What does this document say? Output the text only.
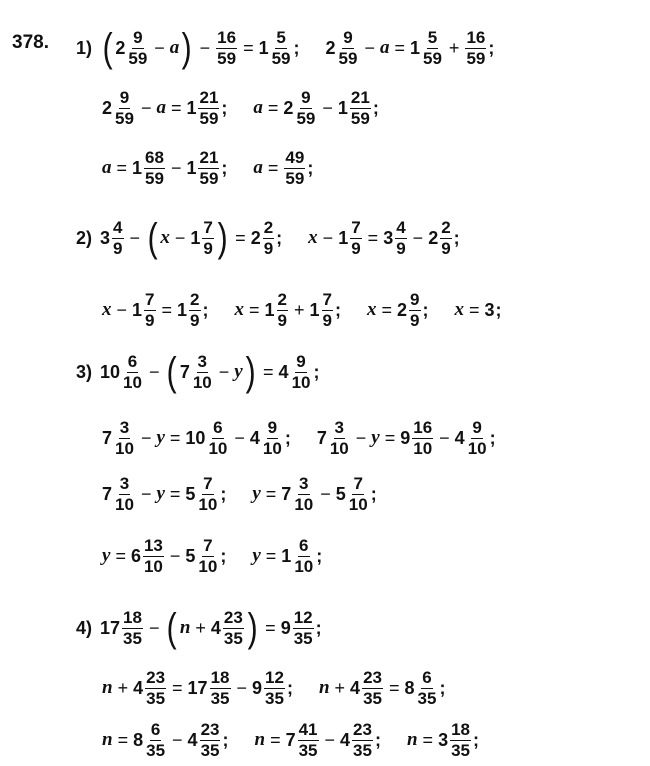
378. 1) ( $2 \frac{9}{59} - a$ ) − $\frac{16}{59} = 1 \frac{5}{59}$ ; $2 \frac{9}{59} - a = 1 \frac{5}{59} + \frac{16}{59}$ ;
$2 \frac{9}{59} - a = 1 \frac{21}{59}$ ; $a = 2 \frac{9}{59} - 1 \frac{21}{59}$ ;
$a = 1 \frac{68}{59} - 1 \frac{21}{59}$ ; $a = \frac{49}{59}$ ;
2) $3 \frac{4}{9}$ − ( $x - 1 \frac{7}{9}$ ) = $2 \frac{2}{9}$ ; $x - 1 \frac{7}{9} = 3 \frac{4}{9} - 2 \frac{2}{9}$ ;
$x - 1 \frac{7}{9} = 1 \frac{2}{9}$ ; $x = 1 \frac{2}{9} + 1 \frac{7}{9}$ ; $x = 2 \frac{9}{9}$ ; x = 3 ;
3) $10 \frac{6}{10}$ − ( $7 \frac{3}{10} - y$ ) = $4 \frac{9}{10}$ ;
$7 \frac{3}{10} - y = 10 \frac{6}{10} - 4 \frac{9}{10}$ ; $7 \frac{3}{10} - y = 9 \frac{16}{10} - 4 \frac{9}{10}$ ;
$7 \frac{3}{10} - y = 5 \frac{7}{10}$ ; $y = 7 \frac{3}{10} - 5 \frac{7}{10}$ ;
$y = 6 \frac{13}{10} - 5 \frac{7}{10}$ ; $y = 1 \frac{6}{10}$ ;
4) $17 \frac{18}{35}$ − ( $n + 4 \frac{23}{35}$ ) = $9 \frac{12}{35}$ ;
$n + 4 \frac{23}{35} = 17 \frac{18}{35} - 9 \frac{12}{35}$ ; $n + 4 \frac{23}{35} = 8 \frac{6}{35}$ ;
$n = 8 \frac{6}{35} - 4 \frac{23}{35}$ ; $n = 7 \frac{41}{35} - 4 \frac{23}{35}$ ; $n = 3 \frac{18}{35}$ ;
